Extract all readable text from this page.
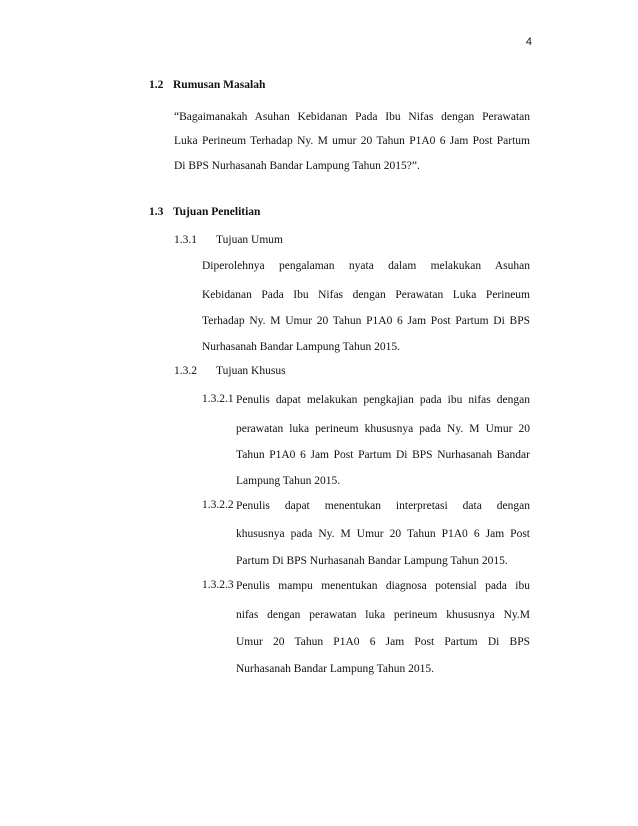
4
1.2 Rumusan Masalah
“Bagaimanakah Asuhan Kebidanan Pada Ibu Nifas dengan Perawatan
Luka Perineum Terhadap Ny. M umur 20 Tahun P1A0 6 Jam Post Partum
Di BPS Nurhasanah Bandar Lampung Tahun 2015?”.
1.3 Tujuan Penelitian
1.3.1 Tujuan Umum
Diperolehnya pengalaman nyata dalam melakukan Asuhan
Kebidanan Pada Ibu Nifas dengan Perawatan Luka Perineum
Terhadap Ny. M Umur 20 Tahun P1A0 6 Jam Post Partum Di BPS
Nurhasanah Bandar Lampung Tahun 2015.
1.3.2 Tujuan Khusus
1.3.2.1 Penulis dapat melakukan pengkajian pada ibu nifas dengan
perawatan luka perineum khususnya pada Ny. M Umur 20
Tahun P1A0 6 Jam Post Partum Di BPS Nurhasanah Bandar
Lampung Tahun 2015.
1.3.2.2 Penulis dapat menentukan interpretasi data dengan
khususnya pada Ny. M Umur 20 Tahun P1A0 6 Jam Post
Partum Di BPS Nurhasanah Bandar Lampung Tahun 2015.
1.3.2.3 Penulis mampu menentukan diagnosa potensial pada ibu
nifas dengan perawatan luka perineum khususnya Ny.M
Umur 20 Tahun P1A0 6 Jam Post Partum Di BPS
Nurhasanah Bandar Lampung Tahun 2015.
